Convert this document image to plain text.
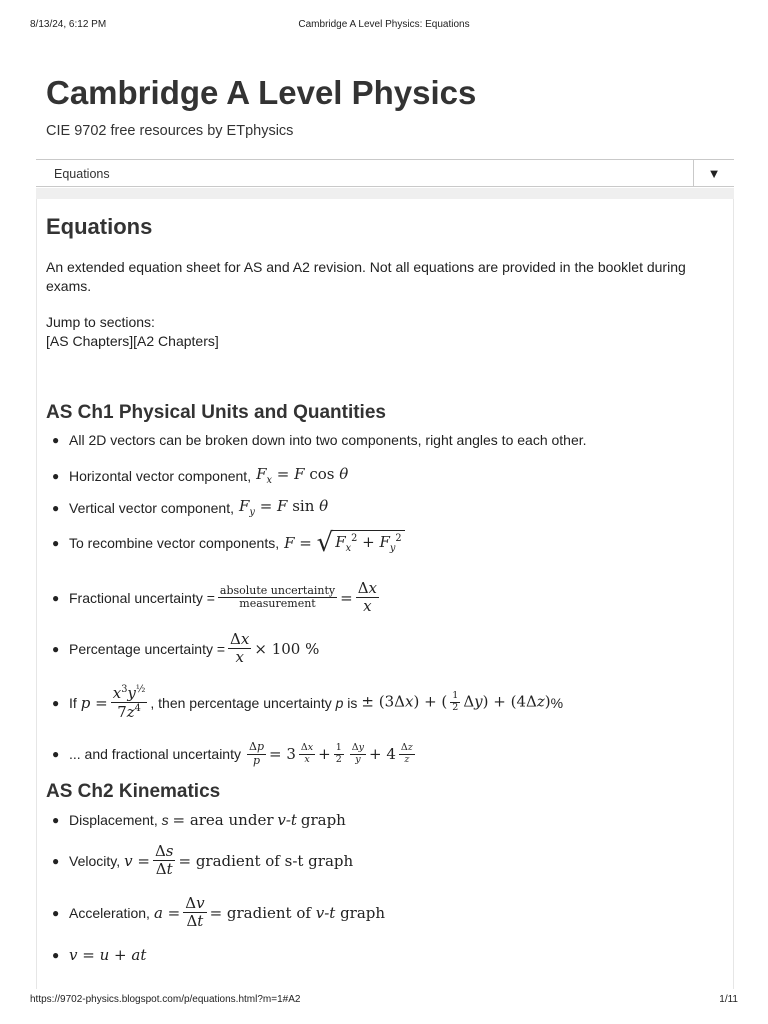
8/13/24, 6:12 PM	Cambridge A Level Physics: Equations
Cambridge A Level Physics
CIE 9702 free resources by ETphysics
Equations	▼
Equations
An extended equation sheet for AS and A2 revision. Not all equations are provided in the booklet during exams.
Jump to sections:
[AS Chapters][A2 Chapters]
AS Ch1 Physical Units and Quantities
● All 2D vectors can be broken down into two components, right angles to each other.
● Horizontal vector component, $F_x = F$ cos θ
● Vertical vector component, $F_y = F$ sin θ
● To recombine vector components, F = √ $F_x^2 + F_y^2$
● Fractional uncertainty = $\frac{\text{absolute uncertainty}}{\text{measurement}} = \frac{\Delta x}{x}$
● Percentage uncertainty = $\frac{\Delta x}{x} \times 100$ %
● If $p = \frac{x^3y^{\frac{1}{2}}}{7z^4}$ , then percentage uncertainty
p
is ± (3Δx) + ( $\frac{1}{2} \Delta y) + (4\Delta z)$ %
● ... and fractional uncertainty $\frac{\Delta p}{p} = 3 \frac{\Delta x}{x} + \frac{1}{2} \frac{\Delta y}{y} + 4 \frac{\Delta z}{z}$
AS Ch2 Kinematics
● Displacement,
s
= area under
v-t
graph
● Velocity, $v = \frac{\Delta s}{\Delta t}$ = gradient of s-t graph
● Acceleration, $a = \frac{\Delta v}{\Delta t}$ = gradient of
v-t
graph
● v = u + at
https://9702-physics.blogspot.com/p/equations.html?m=1#A2	1/11
